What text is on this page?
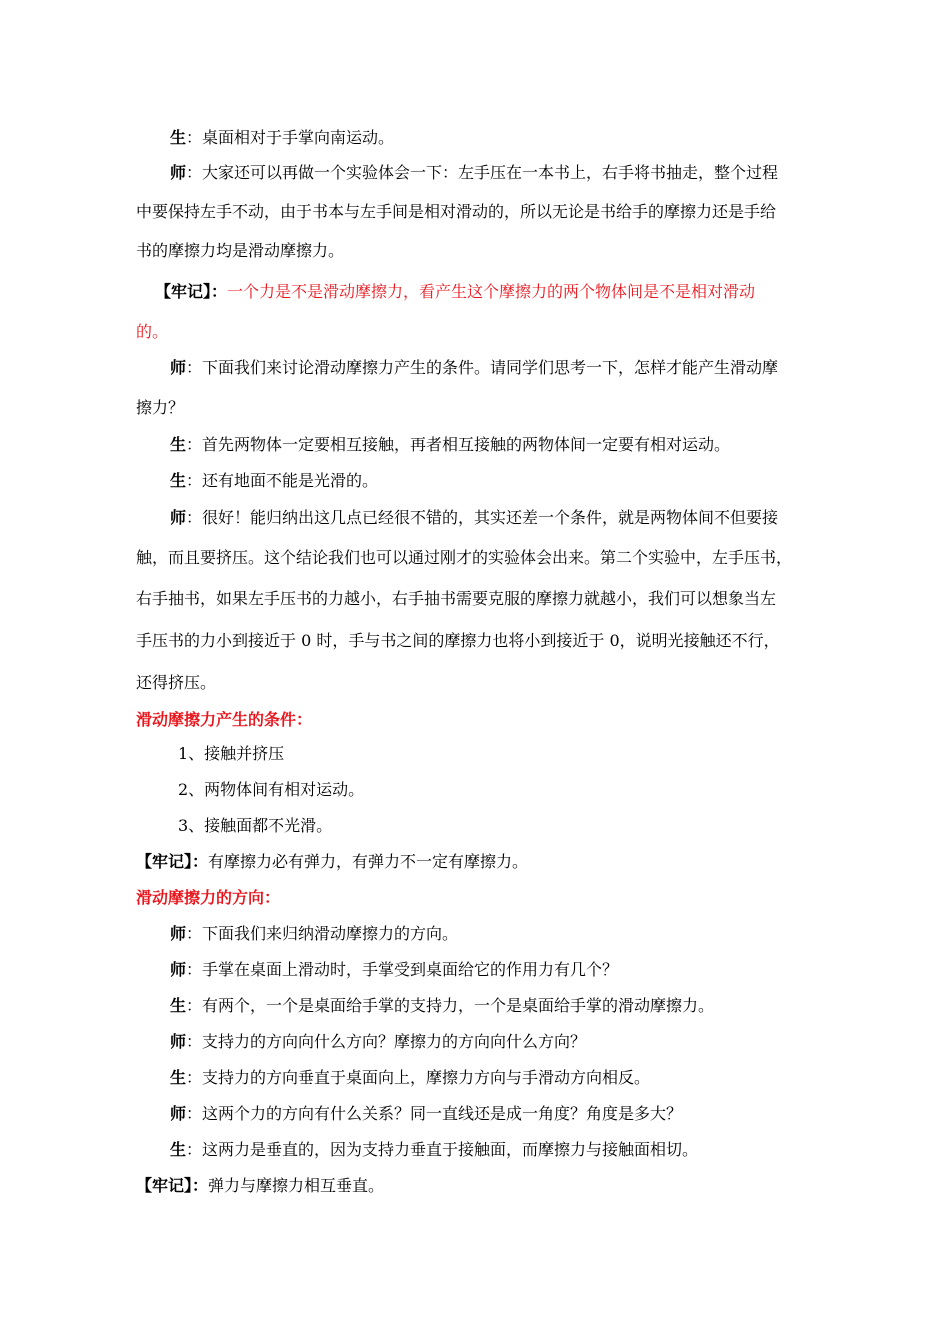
生：桌面相对于手掌向南运动。
师：大家还可以再做一个实验体会一下：左手压在一本书上，右手将书抽走，整个过程
中要保持左手不动，由于书本与左手间是相对滑动的，所以无论是书给手的摩擦力还是手给
书的摩擦力均是滑动摩擦力。
【牢记】：一个力是不是滑动摩擦力，看产生这个摩擦力的两个物体间是不是相对滑动
的。
师：下面我们来讨论滑动摩擦力产生的条件。请同学们思考一下，怎样才能产生滑动摩
擦力？
生：首先两物体一定要相互接触，再者相互接触的两物体间一定要有相对运动。
生：还有地面不能是光滑的。
师：很好！能归纳出这几点已经很不错的，其实还差一个条件，就是两物体间不但要接
触，而且要挤压。这个结论我们也可以通过刚才的实验体会出来。第二个实验中，左手压书，
右手抽书，如果左手压书的力越小，右手抽书需要克服的摩擦力就越小，我们可以想象当左
手压书的力小到接近于 0 时，手与书之间的摩擦力也将小到接近于 0，说明光接触还不行，
还得挤压。
滑动摩擦力产生的条件：
1、接触并挤压
2、两物体间有相对运动。
3、接触面都不光滑。
【牢记】：有摩擦力必有弹力，有弹力不一定有摩擦力。
滑动摩擦力的方向：
师：下面我们来归纳滑动摩擦力的方向。
师：手掌在桌面上滑动时，手掌受到桌面给它的作用力有几个？
生：有两个，一个是桌面给手掌的支持力，一个是桌面给手掌的滑动摩擦力。
师：支持力的方向向什么方向？摩擦力的方向向什么方向？
生：支持力的方向垂直于桌面向上，摩擦力方向与手滑动方向相反。
师：这两个力的方向有什么关系？同一直线还是成一角度？角度是多大？
生：这两力是垂直的，因为支持力垂直于接触面，而摩擦力与接触面相切。
【牢记】：弹力与摩擦力相互垂直。
